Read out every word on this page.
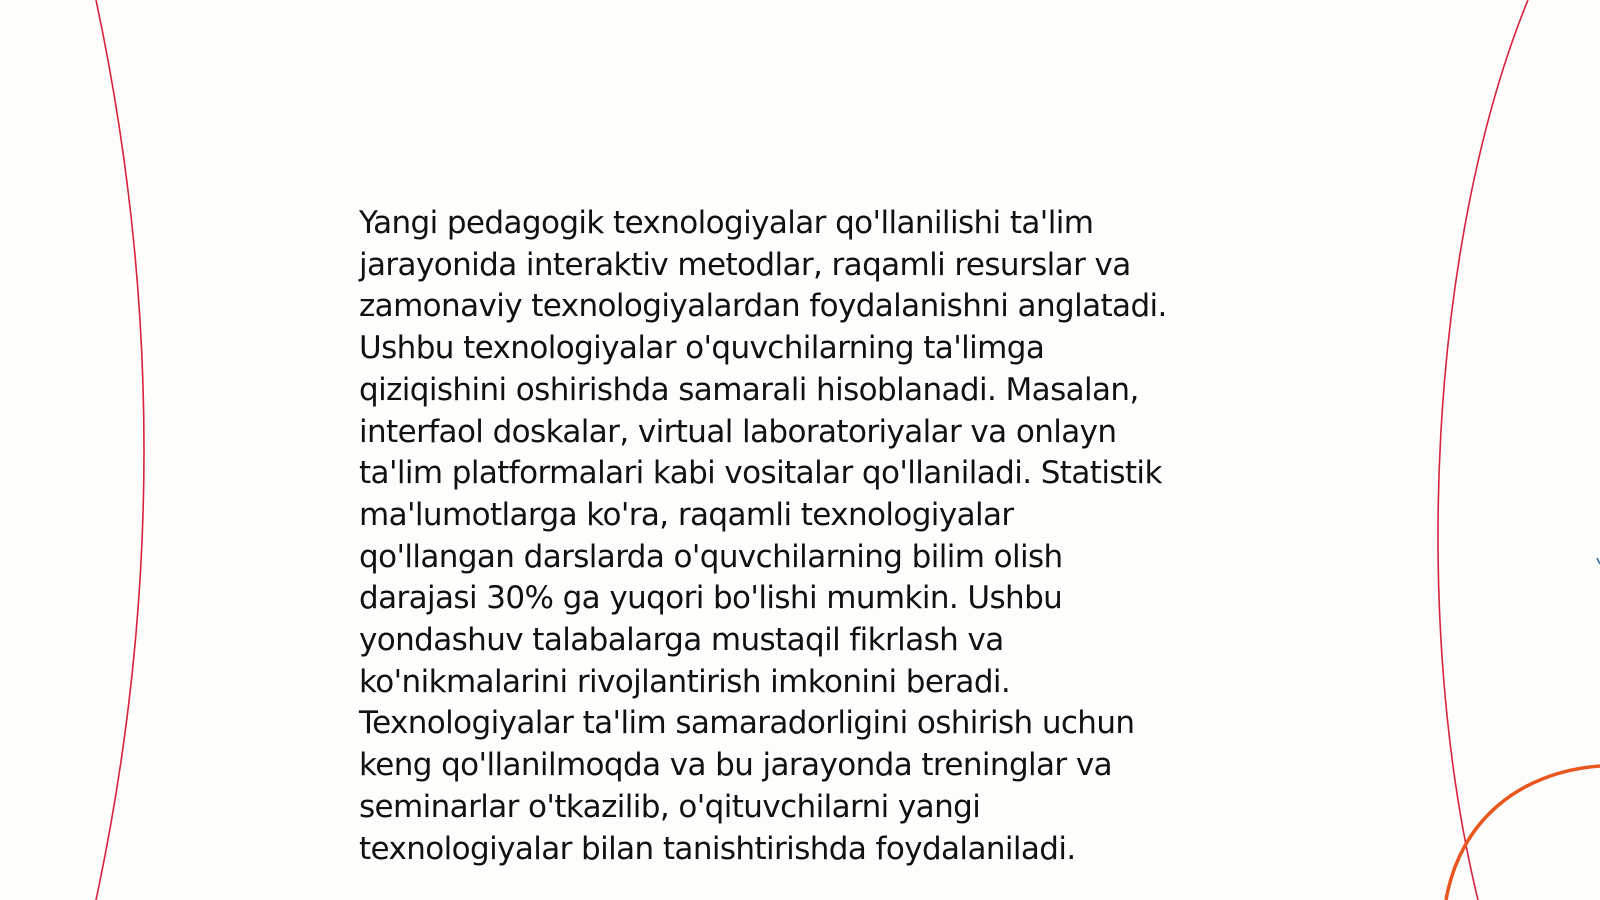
Yangi pedagogik texnologiyalar qo'llanilishi ta'lim
jarayonida interaktiv metodlar, raqamli resurslar va
zamonaviy texnologiyalardan foydalanishni anglatadi.
Ushbu texnologiyalar o'quvchilarning ta'limga
qiziqishini oshirishda samarali hisoblanadi. Masalan,
interfaol doskalar, virtual laboratoriyalar va onlayn
ta'lim platformalari kabi vositalar qo'llaniladi. Statistik
ma'lumotlarga ko'ra, raqamli texnologiyalar
qo'llangan darslarda o'quvchilarning bilim olish
darajasi 30% ga yuqori bo'lishi mumkin. Ushbu
yondashuv talabalarga mustaqil fikrlash va
ko'nikmalarini rivojlantirish imkonini beradi.
Texnologiyalar ta'lim samaradorligini oshirish uchun
keng qo'llanilmoqda va bu jarayonda treninglar va
seminarlar o'tkazilib, o'qituvchilarni yangi
texnologiyalar bilan tanishtirishda foydalaniladi.
